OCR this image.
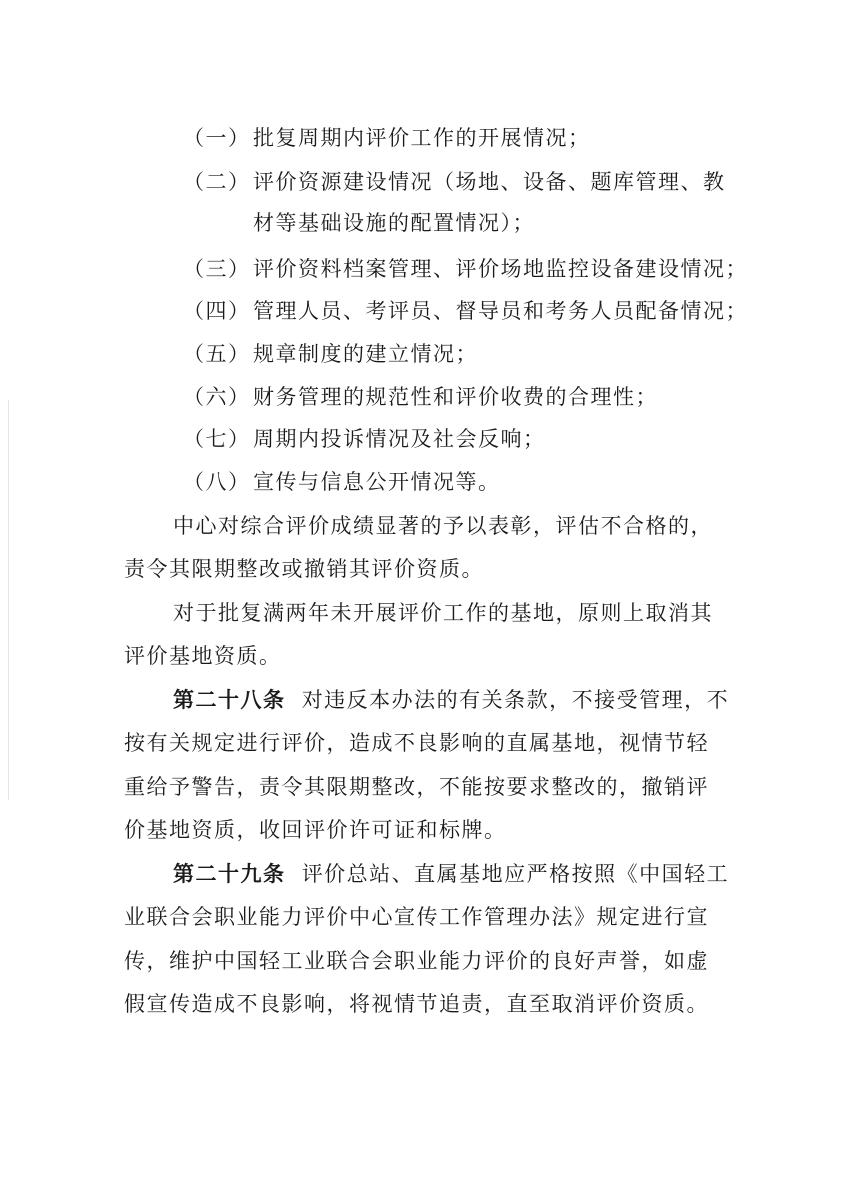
（一） 批复周期内评价工作的开展情况；
（二） 评价资源建设情况（场地、设备、题库管理、教
材等基础设施的配置情况）；
（三） 评价资料档案管理、评价场地监控设备建设情况；
（四） 管理人员、考评员、督导员和考务人员配备情况；
（五） 规章制度的建立情况；
（六） 财务管理的规范性和评价收费的合理性；
（七） 周期内投诉情况及社会反响；
（八） 宣传与信息公开情况等。
中心对综合评价成绩显著的予以表彰，评估不合格的，
责令其限期整改或撤销其评价资质。
对于批复满两年未开展评价工作的基地，原则上取消其
评价基地资质。
第二十八条 对违反本办法的有关条款，不接受管理，不
按有关规定进行评价，造成不良影响的直属基地，视情节轻
重给予警告，责令其限期整改，不能按要求整改的，撤销评
价基地资质，收回评价许可证和标牌。
第二十九条 评价总站、直属基地应严格按照《中国轻工
业联合会职业能力评价中心宣传工作管理办法》规定进行宣
传，维护中国轻工业联合会职业能力评价的良好声誉，如虚
假宣传造成不良影响，将视情节追责，直至取消评价资质。
